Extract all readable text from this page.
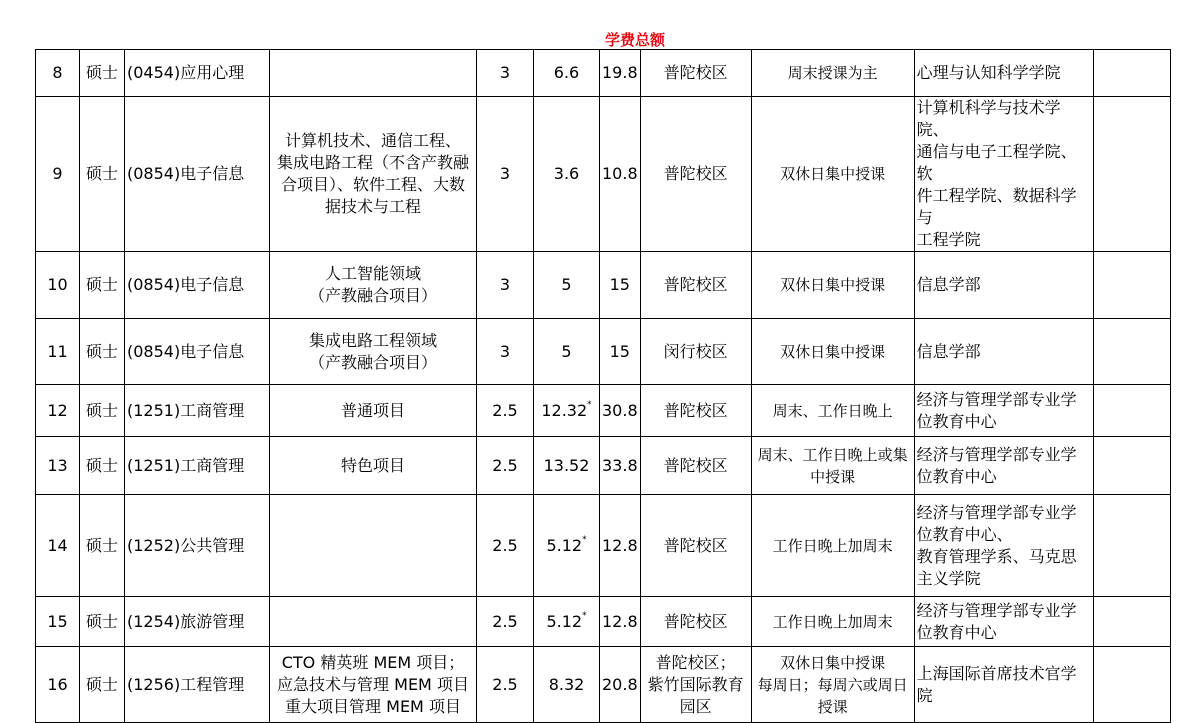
学费总额
8	硕士	(0454)应用心理		3	6.6	19.8	普陀校区	周末授课为主	心理与认知科学学院	

9	硕士	(0854)电子信息	计算机技术、通信工程、
集成电路工程（不含产教融
合项目）、软件工程、大数
据技术与工程	3	3.6	10.8	普陀校区	双休日集中授课	计算机科学与技术学院、
通信与电子工程学院、软
件工程学院、数据科学与
工程学院	

10	硕士	(0854)电子信息	人工智能领域
（产教融合项目）	3	5	15	普陀校区	双休日集中授课	信息学部	

11	硕士	(0854)电子信息	集成电路工程领域
（产教融合项目）	3	5	15	闵行校区	双休日集中授课	信息学部	

12	硕士	(1251)工商管理	普通项目	2.5	12.32*	30.8	普陀校区	周末、工作日晚上	经济与管理学部专业学
位教育中心	

13	硕士	(1251)工商管理	特色项目	2.5	13.52	33.8	普陀校区	周末、工作日晚上或集
中授课	经济与管理学部专业学
位教育中心	

14	硕士	(1252)公共管理		2.5	5.12*	12.8	普陀校区	工作日晚上加周末	经济与管理学部专业学
位教育中心、
教育管理学系、马克思
主义学院	

15	硕士	(1254)旅游管理		2.5	5.12*	12.8	普陀校区	工作日晚上加周末	经济与管理学部专业学
位教育中心	

16	硕士	(1256)工程管理	CTO 精英班 MEM 项目；
应急技术与管理 MEM 项目
重大项目管理 MEM 项目	2.5	8.32	20.8	普陀校区；
紫竹国际教育
园区	双休日集中授课
每周日；每周六或周日
授课	上海国际首席技术官学
院	
